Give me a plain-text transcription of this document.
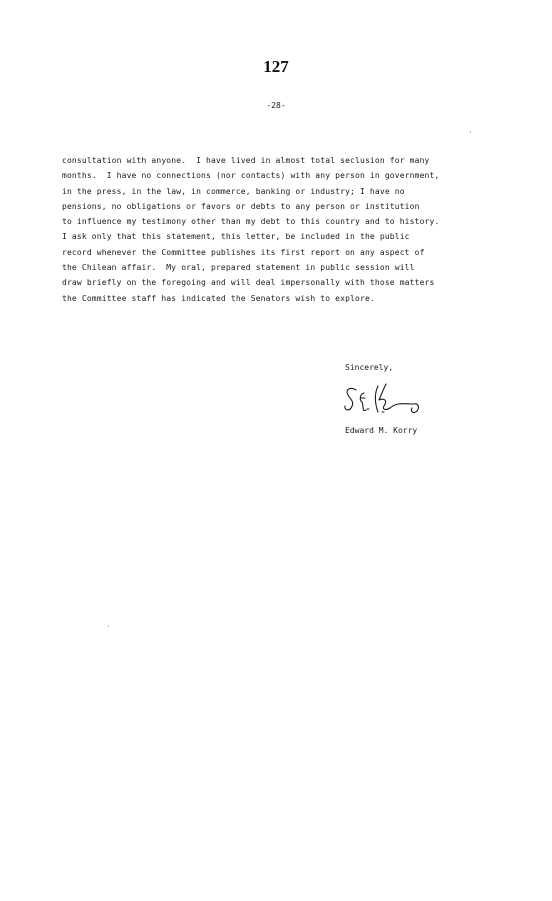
127
-28-
consultation with anyone.  I have lived in almost total seclusion for many
months.  I have no connections (nor contacts) with any person in government,
in the press, in the law, in commerce, banking or industry; I have no
pensions, no obligations or favors or debts to any person or institution
to influence my testimony other than my debt to this country and to history.
I ask only that this statement, this letter, be included in the public
record whenever the Committee publishes its first report on any aspect of
the Chilean affair.  My oral, prepared statement in public session will
draw briefly on the foregoing and will deal impersonally with those matters
the Committee staff has indicated the Senators wish to explore.
Sincerely,
Edward M. Korry
